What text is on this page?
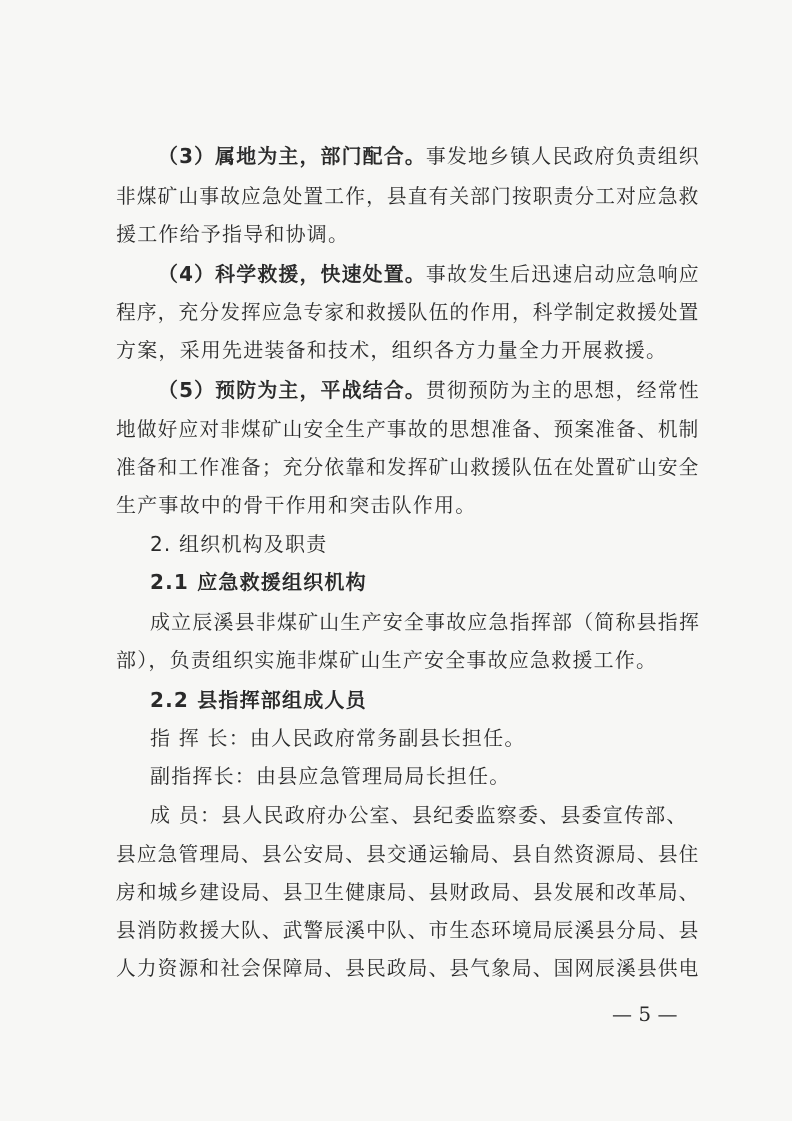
（3）属地为主，部门配合。事发地乡镇人民政府负责组织
非煤矿山事故应急处置工作，县直有关部门按职责分工对应急救
援工作给予指导和协调。
（4）科学救援，快速处置。事故发生后迅速启动应急响应
程序，充分发挥应急专家和救援队伍的作用，科学制定救援处置
方案，采用先进装备和技术，组织各方力量全力开展救援。
（5）预防为主，平战结合。贯彻预防为主的思想，经常性
地做好应对非煤矿山安全生产事故的思想准备、预案准备、机制
准备和工作准备；充分依靠和发挥矿山救援队伍在处置矿山安全
生产事故中的骨干作用和突击队作用。
2. 组织机构及职责
2.1 应急救援组织机构
成立辰溪县非煤矿山生产安全事故应急指挥部（简称县指挥
部），负责组织实施非煤矿山生产安全事故应急救援工作。
2.2 县指挥部组成人员
指 挥 长：由人民政府常务副县长担任。
副指挥长：由县应急管理局局长担任。
成 员：县人民政府办公室、县纪委监察委、县委宣传部、
县应急管理局、县公安局、县交通运输局、县自然资源局、县住
房和城乡建设局、县卫生健康局、县财政局、县发展和改革局、
县消防救援大队、武警辰溪中队、市生态环境局辰溪县分局、县
人力资源和社会保障局、县民政局、县气象局、国网辰溪县供电
— 5 —
